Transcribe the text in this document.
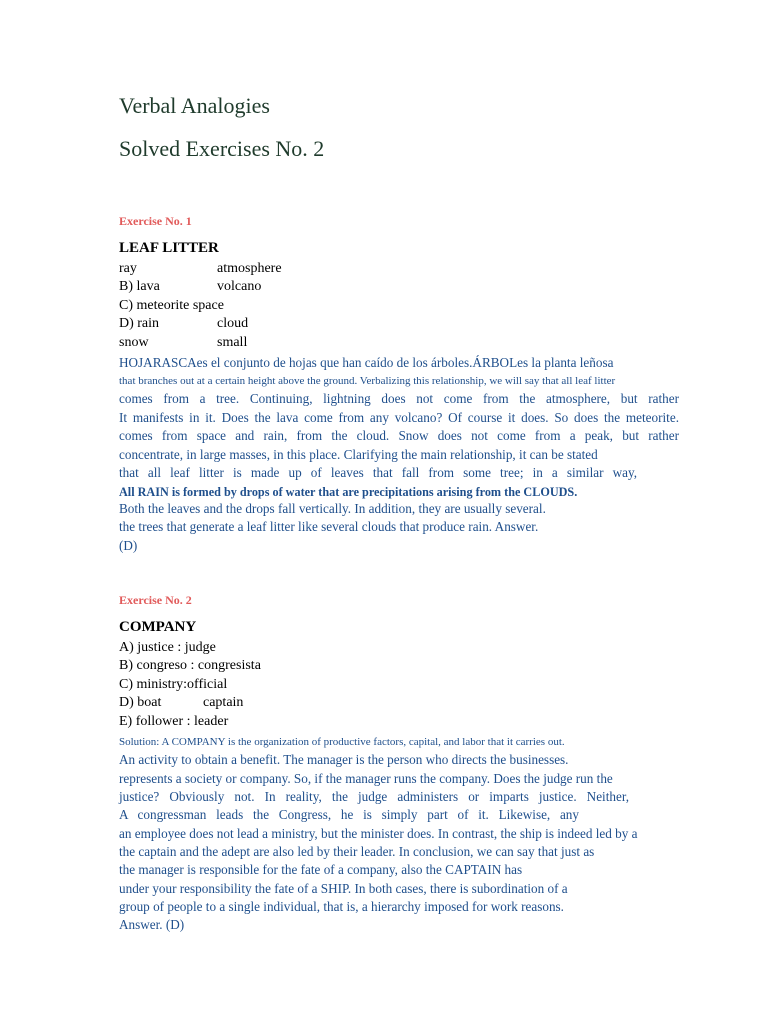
Verbal Analogies
Solved Exercises No. 2
Exercise No. 1
LEAF LITTER
ray	atmosphere
B) lava	volcano
C) meteorite space
D) rain	cloud
snow	small
HOJARASCAes el conjunto de hojas que han caído de los árboles.ÁRBOLes la planta leñosa
that branches out at a certain height above the ground. Verbalizing this relationship, we will say that all leaf litter
comes from a tree. Continuing, lightning does not come from the atmosphere, but rather
It manifests in it. Does the lava come from any volcano? Of course it does. So does the meteorite.
comes from space and rain, from the cloud. Snow does not come from a peak, but rather
concentrate, in large masses, in this place. Clarifying the main relationship, it can be stated
that all leaf litter is made up of leaves that fall from some tree; in a similar way,
All RAIN is formed by drops of water that are precipitations arising from the CLOUDS.
Both the leaves and the drops fall vertically. In addition, they are usually several.
the trees that generate a leaf litter like several clouds that produce rain. Answer.
(D)
Exercise No. 2
COMPANY
A) justice : judge
B) congreso : congresista
C) ministry:official
D) boat	captain
E) follower : leader
Solution: A COMPANY is the organization of productive factors, capital, and labor that it carries out.
An activity to obtain a benefit. The manager is the person who directs the businesses.
represents a society or company. So, if the manager runs the company. Does the judge run the
justice? Obviously not. In reality, the judge administers or imparts justice. Neither,
A congressman leads the Congress, he is simply part of it. Likewise, any
an employee does not lead a ministry, but the minister does. In contrast, the ship is indeed led by a
the captain and the adept are also led by their leader. In conclusion, we can say that just as
the manager is responsible for the fate of a company, also the CAPTAIN has
under your responsibility the fate of a SHIP. In both cases, there is subordination of a
group of people to a single individual, that is, a hierarchy imposed for work reasons.
Answer. (D)
